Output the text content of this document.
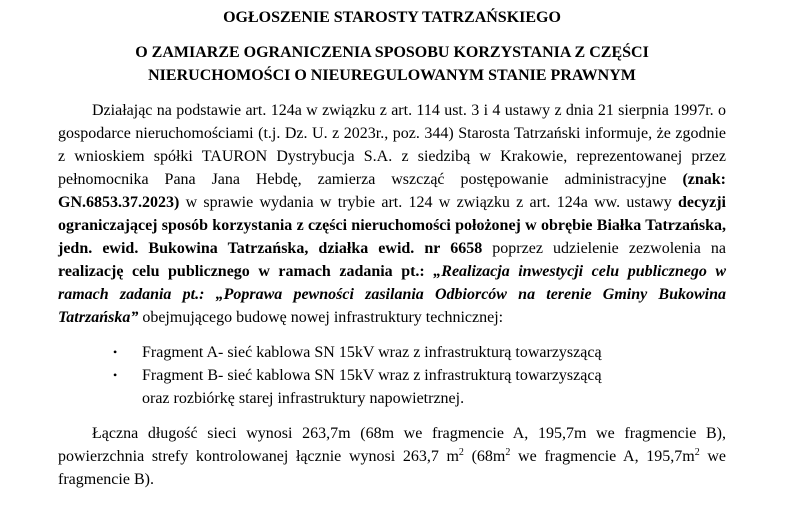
OGŁOSZENIE STAROSTY TATRZAŃSKIEGO

O ZAMIARZE OGRANICZENIA SPOSOBU KORZYSTANIA Z CZĘŚCI
NIERUCHOMOŚCI O NIEUREGULOWANYM STANIE PRAWNYM

Działając na podstawie art. 124a w związku z art. 114 ust. 3 i 4 ustawy z dnia 21 sierpnia 1997r. o gospodarce nieruchomościami (t.j. Dz. U. z 2023r., poz. 344) Starosta Tatrzański informuje, że zgodnie z wnioskiem spółki TAURON Dystrybucja S.A. z siedzibą w Krakowie, reprezentowanej przez pełnomocnika Pana Jana Hebdę, zamierza wszcząć postępowanie administracyjne (znak: GN.6853.37.2023) w sprawie wydania w trybie art. 124 w związku z art. 124a ww. ustawy decyzji ograniczającej sposób korzystania z części nieruchomości położonej w obrębie Białka Tatrzańska, jedn. ewid. Bukowina Tatrzańska, działka ewid. nr 6658 poprzez udzielenie zezwolenia na realizację celu publicznego w ramach zadania pt.: „Realizacja inwestycji celu publicznego w ramach zadania pt.: „Poprawa pewności zasilania Odbiorców na terenie Gminy Bukowina Tatrzańska” obejmującego budowę nowej infrastruktury technicznej:

• Fragment A- sieć kablowa SN 15kV wraz z infrastrukturą towarzyszącą
• Fragment B- sieć kablowa SN 15kV wraz z infrastrukturą towarzyszącą
oraz rozbiórkę starej infrastruktury napowietrznej.

Łączna długość sieci wynosi 263,7m (68m we fragmencie A, 195,7m we fragmencie B), powierzchnia strefy kontrolowanej łącznie wynosi 263,7 $m^2$ ($68m^2$ we fragmencie A, $195,7m^2$ we fragmencie B).
